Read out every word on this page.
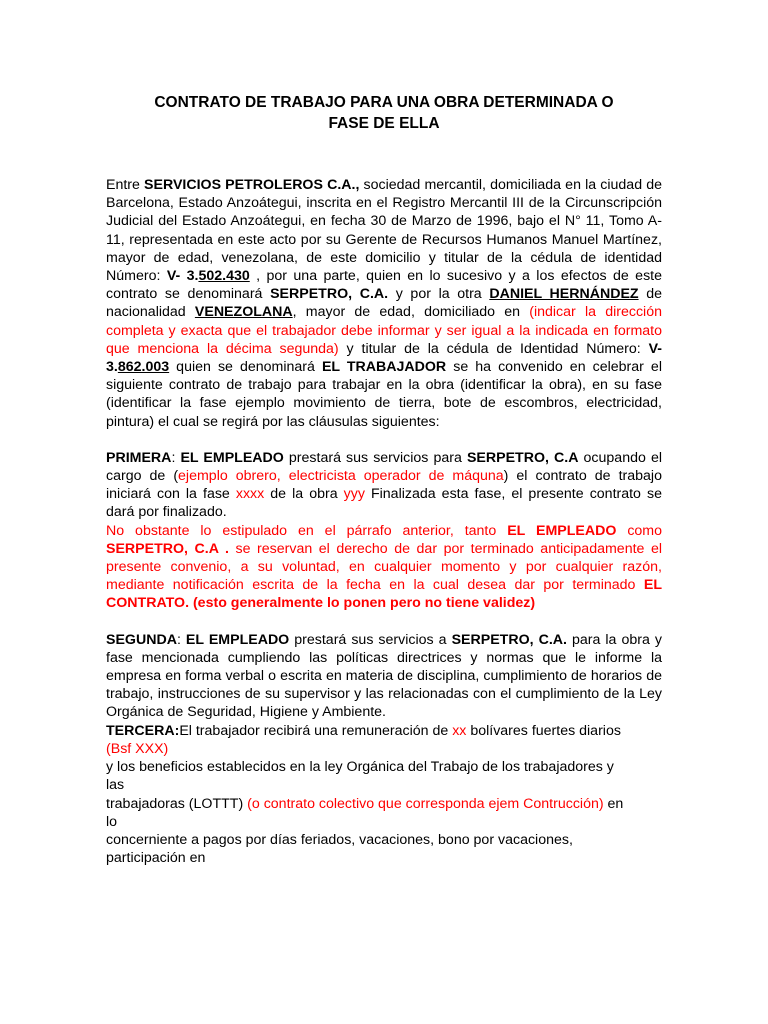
CONTRATO DE TRABAJO PARA UNA OBRA DETERMINADA O
FASE DE ELLA

Entre SERVICIOS PETROLEROS C.A., sociedad mercantil, domiciliada en la ciudad de Barcelona, Estado Anzoátegui, inscrita en el Registro Mercantil III de la Circunscripción Judicial del Estado Anzoátegui, en fecha 30 de Marzo de 1996, bajo el N° 11, Tomo A-11, representada en este acto por su Gerente de Recursos Humanos Manuel Martínez, mayor de edad, venezolana, de este domicilio y titular de la cédula de identidad Número: V- 3.502.430 , por una parte, quien en lo sucesivo y a los efectos de este contrato se denominará SERPETRO, C.A. y por la otra DANIEL HERNÁNDEZ de nacionalidad VENEZOLANA, mayor de edad, domiciliado en (indicar la dirección completa y exacta que el trabajador debe informar y ser igual a la indicada en formato que menciona la décima segunda) y titular de la cédula de Identidad Número: V- 3.862.003 quien se denominará EL TRABAJADOR se ha convenido en celebrar el siguiente contrato de trabajo para trabajar en la obra (identificar la obra), en su fase (identificar la fase ejemplo movimiento de tierra, bote de escombros, electricidad, pintura) el cual se regirá por las cláusulas siguientes:

PRIMERA: EL EMPLEADO prestará sus servicios para SERPETRO, C.A ocupando el cargo de (ejemplo obrero, electricista operador de máquna) el contrato de trabajo iniciará con la fase xxxx de la obra yyy Finalizada esta fase, el presente contrato se dará por finalizado.
No obstante lo estipulado en el párrafo anterior, tanto EL EMPLEADO como SERPETRO, C.A . se reservan el derecho de dar por terminado anticipadamente el presente convenio, a su voluntad, en cualquier momento y por cualquier razón, mediante notificación escrita de la fecha en la cual desea dar por terminado EL CONTRATO. (esto generalmente lo ponen pero no tiene validez)

SEGUNDA: EL EMPLEADO prestará sus servicios a SERPETRO, C.A. para la obra y fase mencionada cumpliendo las políticas directrices y normas que le informe la empresa en forma verbal o escrita en materia de disciplina, cumplimiento de horarios de trabajo, instrucciones de su supervisor y las relacionadas con el cumplimiento de la Ley Orgánica de Seguridad, Higiene y Ambiente.

TERCERA:El trabajador recibirá una remuneración de xx bolívares fuertes diarios
(Bsf XXX)
y los beneficios establecidos en la ley Orgánica del Trabajo de los trabajadores y
las
trabajadoras (LOTTT) (o contrato colectivo que corresponda ejem Contrucción) en
lo
concerniente a pagos por días feriados, vacaciones, bono por vacaciones,
participación en
